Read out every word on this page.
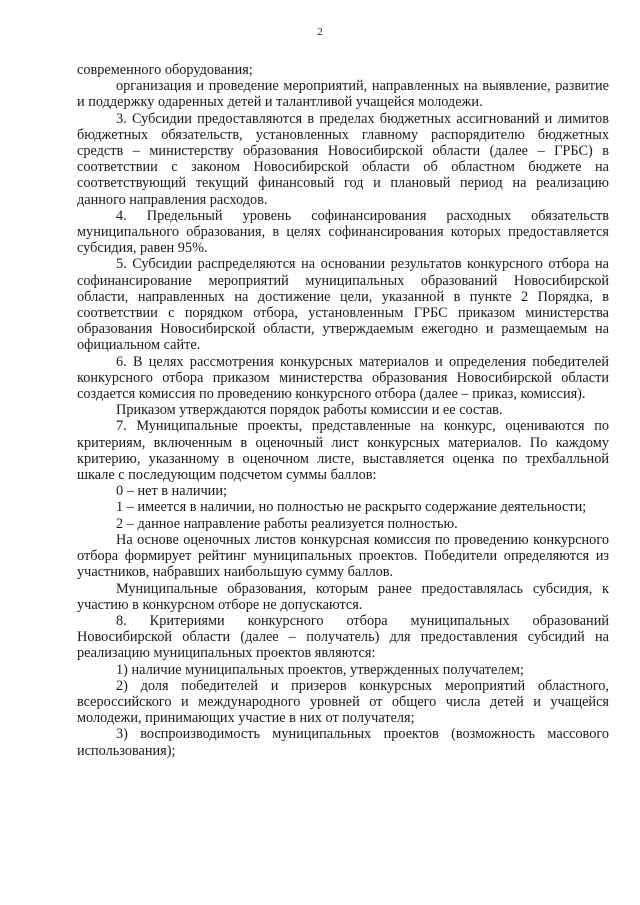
2

современного оборудования;

организация и проведение мероприятий, направленных на выявление, развитие и поддержку одаренных детей и талантливой учащейся молодежи.

3. Субсидии предоставляются в пределах бюджетных ассигнований и лимитов бюджетных обязательств, установленных главному распорядителю бюджетных средств – министерству образования Новосибирской области (далее – ГРБС) в соответствии с законом Новосибирской области об областном бюджете на соответствующий текущий финансовый год и плановый период на реализацию данного направления расходов.

4. Предельный уровень софинансирования расходных обязательств муниципального образования, в целях софинансирования которых предоставляется субсидия, равен 95%.

5. Субсидии распределяются на основании результатов конкурсного отбора на софинансирование мероприятий муниципальных образований Новосибирской области, направленных на достижение цели, указанной в пункте 2 Порядка, в соответствии с порядком отбора, установленным ГРБС приказом министерства образования Новосибирской области, утверждаемым ежегодно и размещаемым на официальном сайте.

6. В целях рассмотрения конкурсных материалов и определения победителей конкурсного отбора приказом министерства образования Новосибирской области создается комиссия по проведению конкурсного отбора (далее – приказ, комиссия).

Приказом утверждаются порядок работы комиссии и ее состав.

7. Муниципальные проекты, представленные на конкурс, оцениваются по критериям, включенным в оценочный лист конкурсных материалов. По каждому критерию, указанному в оценочном листе, выставляется оценка по трехбалльной шкале с последующим подсчетом суммы баллов:

0 – нет в наличии;

1 – имеется в наличии, но полностью не раскрыто содержание деятельности;

2 – данное направление работы реализуется полностью.

На основе оценочных листов конкурсная комиссия по проведению конкурсного отбора формирует рейтинг муниципальных проектов. Победители определяются из участников, набравших наибольшую сумму баллов.

Муниципальные образования, которым ранее предоставлялась субсидия, к участию в конкурсном отборе не допускаются.

8. Критериями конкурсного отбора муниципальных образований Новосибирской области (далее – получатель) для предоставления субсидий на реализацию муниципальных проектов являются:

1) наличие муниципальных проектов, утвержденных получателем;

2) доля победителей и призеров конкурсных мероприятий областного, всероссийского и международного уровней от общего числа детей и учащейся молодежи, принимающих участие в них от получателя;

3) воспроизводимость муниципальных проектов (возможность массового использования);
